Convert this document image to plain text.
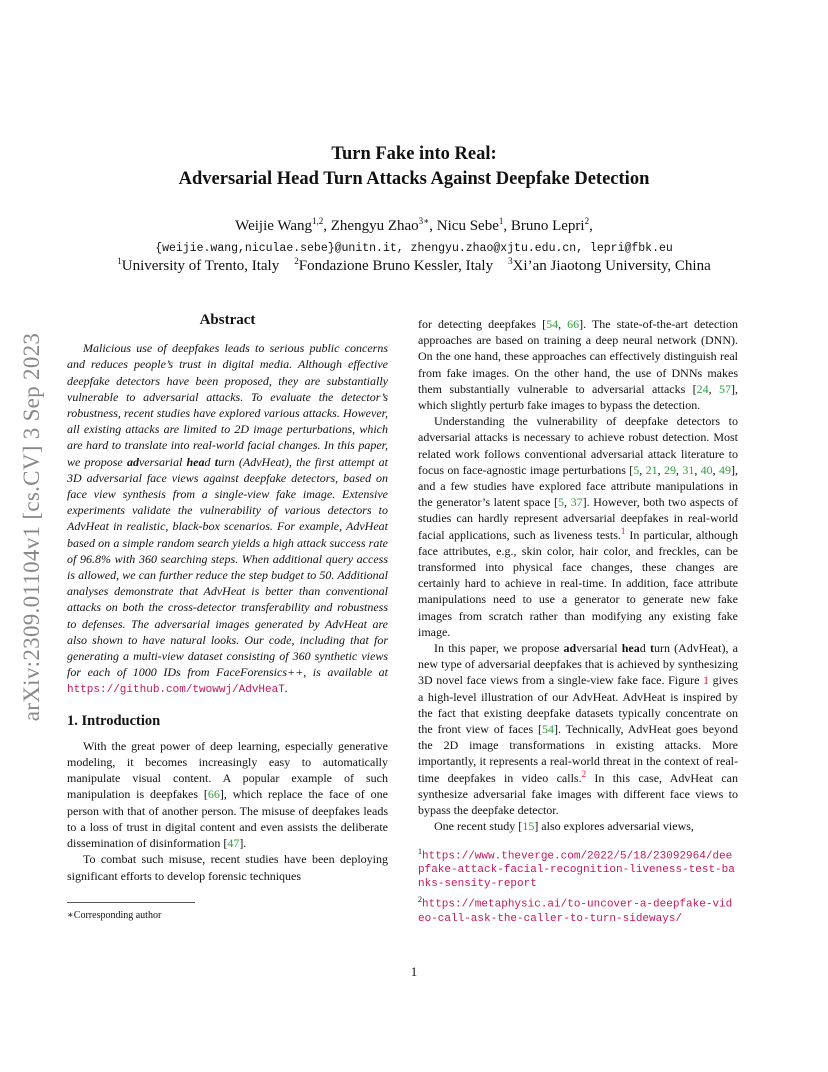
Turn Fake into Real:
Adversarial Head Turn Attacks Against Deepfake Detection
Weijie Wang$^{1,2}$, Zhengyu Zhao$^{3∗}$, Nicu Sebe$^1$, Bruno Lepri$^2$,
{weijie.wang,niculae.sebe}@unitn.it, zhengyu.zhao@xjtu.edu.cn, lepri@fbk.eu
$^1$University of Trento, Italy $^2$Fondazione Bruno Kessler, Italy $^3$Xi’an Jiaotong University, China
arXiv:2309.01104v1 [cs.CV] 3 Sep 2023
Abstract

Malicious use of deepfakes leads to serious public concerns and reduces people’s trust in digital media. Although effective deepfake detectors have been proposed, they are substantially vulnerable to adversarial attacks. To evaluate the detector’s robustness, recent studies have explored various attacks. However, all existing attacks are limited to 2D image perturbations, which are hard to translate into real-world facial changes. In this paper, we propose adversarial head turn (AdvHeat), the first attempt at 3D adversarial face views against deepfake detectors, based on face view synthesis from a single-view fake image. Extensive experiments validate the vulnerability of various detectors to AdvHeat in realistic, black-box scenarios. For example, AdvHeat based on a simple random search yields a high attack success rate of 96.8% with 360 searching steps. When additional query access is allowed, we can further reduce the step budget to 50. Additional analyses demonstrate that AdvHeat is better than conventional attacks on both the cross-detector transferability and robustness to defenses. The adversarial images generated by AdvHeat are also shown to have natural looks. Our code, including that for generating a multi-view dataset consisting of 360 synthetic views for each of 1000 IDs from FaceForensics++, is available at https://github.com/twowwj/AdvHeaT.

1. Introduction

With the great power of deep learning, especially generative modeling, it becomes increasingly easy to automatically manipulate visual content. A popular example of such manipulation is deepfakes [66], which replace the face of one person with that of another person. The misuse of deepfakes leads to a loss of trust in digital content and even assists the deliberate dissemination of disinformation [47].

To combat such misuse, recent studies have been deploying significant efforts to develop forensic techniques

∗Corresponding author

for detecting deepfakes [54, 66]. The state-of-the-art detection approaches are based on training a deep neural network (DNN). On the one hand, these approaches can effectively distinguish real from fake images. On the other hand, the use of DNNs makes them substantially vulnerable to adversarial attacks [24, 57], which slightly perturb fake images to bypass the detection.

Understanding the vulnerability of deepfake detectors to adversarial attacks is necessary to achieve robust detection. Most related work follows conventional adversarial attack literature to focus on face-agnostic image perturbations [5, 21, 29, 31, 40, 49], and a few studies have explored face attribute manipulations in the generator’s latent space [5, 37]. However, both two aspects of studies can hardly represent adversarial deepfakes in real-world facial applications, such as liveness tests.$^1$ In particular, although face attributes, e.g., skin color, hair color, and freckles, can be transformed into physical face changes, these changes are certainly hard to achieve in real-time. In addition, face attribute manipulations need to use a generator to generate new fake images from scratch rather than modifying any existing fake image.

In this paper, we propose adversarial head turn (AdvHeat), a new type of adversarial deepfakes that is achieved by synthesizing 3D novel face views from a single-view fake face. Figure 1 gives a high-level illustration of our AdvHeat. AdvHeat is inspired by the fact that existing deepfake datasets typically concentrate on the front view of faces [54]. Technically, AdvHeat goes beyond the 2D image transformations in existing attacks. More importantly, it represents a real-world threat in the context of real-time deepfakes in video calls.$^2$ In this case, AdvHeat can synthesize adversarial fake images with different face views to bypass the deepfake detector.

One recent study [15] also explores adversarial views,

$^1$https://www.theverge.com/2022/5/18/23092964/deepfake-attack-facial-recognition-liveness-test-banks-sensity-report
$^2$https://metaphysic.ai/to-uncover-a-deepfake-video-call-ask-the-caller-to-turn-sideways/
1
